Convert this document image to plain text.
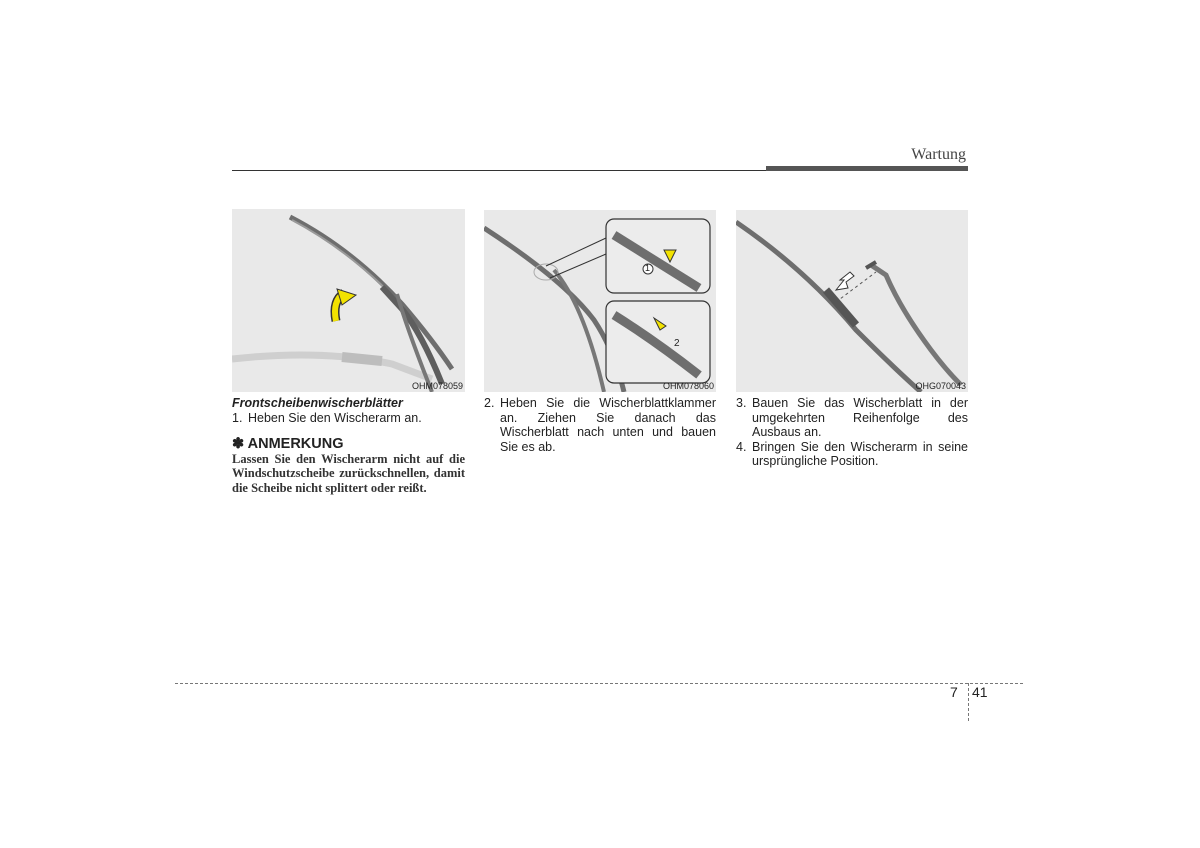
Wartung
OHM078059
1
2
OHM078060	OHG070043
Frontscheibenwischerblätter
1. Heben Sie den Wischerarm an.
✽ ANMERKUNG
Lassen Sie den Wischerarm nicht auf die Windschutzscheibe zurückschnellen, damit die Scheibe nicht splittert oder reißt.
2. Heben Sie die Wischerblattklammer an. Ziehen Sie danach das Wischerblatt nach unten und bauen Sie es ab.
3. Bauen Sie das Wischerblatt in der umgekehrten Reihenfolge des Ausbaus an.
4. Bringen Sie den Wischerarm in seine ursprüngliche Position.
7 41
